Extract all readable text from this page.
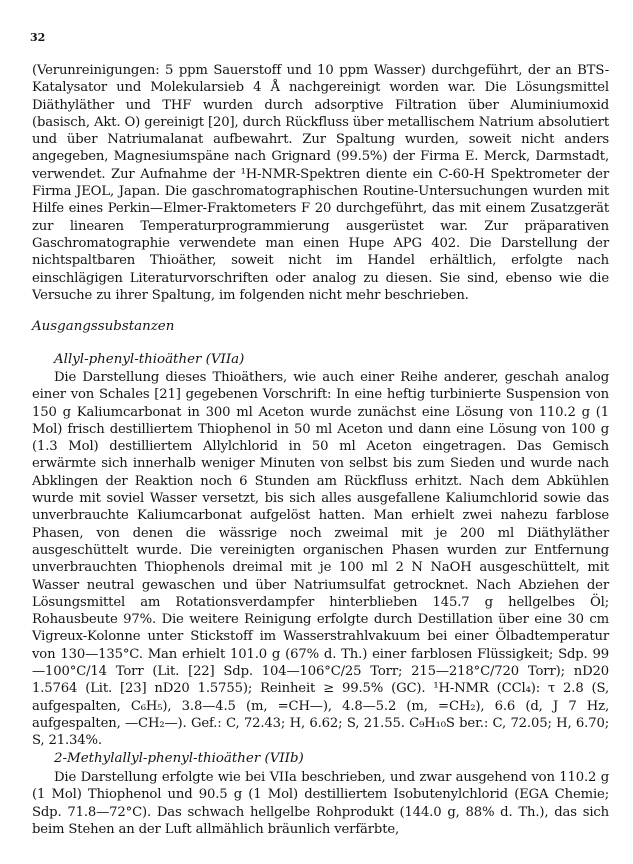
32

(Verunreinigungen: 5 ppm Sauerstoff und 10 ppm Wasser) durchgeführt, der an BTS-Katalysator und Molekularsieb 4 Å nachgereinigt worden war. Die Lösungsmittel Diäthyläther und THF wurden durch adsorptive Filtration über Aluminiumoxid (basisch, Akt. O) gereinigt [20], durch Rückfluss über metallischem Natrium absolutiert und über Natriumalanat aufbewahrt. Zur Spaltung wurden, soweit nicht anders angegeben, Magnesiumspäne nach Grignard (99.5%) der Firma E. Merck, Darmstadt, verwendet. Zur Aufnahme der ¹H-NMR-Spektren diente ein C-60-H Spektrometer der Firma JEOL, Japan. Die gaschromatographischen Routine-Untersuchungen wurden mit Hilfe eines Perkin—Elmer-Fraktometers F 20 durchgeführt, das mit einem Zusatzgerät zur linearen Temperaturprogrammierung ausgerüstet war. Zur präparativen Gaschromatographie verwendete man einen Hupe APG 402. Die Darstellung der nichtspaltbaren Thioäther, soweit nicht im Handel erhältlich, erfolgte nach einschlägigen Literaturvorschriften oder analog zu diesen. Sie sind, ebenso wie die Versuche zu ihrer Spaltung, im folgenden nicht mehr beschrieben.

Ausgangssubstanzen
Allyl-phenyl-thioäther (VIIa)

Die Darstellung dieses Thioäthers, wie auch einer Reihe anderer, geschah analog einer von Schales [21] gegebenen Vorschrift: In eine heftig turbinierte Suspension von 150 g Kaliumcarbonat in 300 ml Aceton wurde zunächst eine Lösung von 110.2 g (1 Mol) frisch destilliertem Thiophenol in 50 ml Aceton und dann eine Lösung von 100 g (1.3 Mol) destilliertem Allylchlorid in 50 ml Aceton eingetragen. Das Gemisch erwärmte sich innerhalb weniger Minuten von selbst bis zum Sieden und wurde nach Abklingen der Reaktion noch 6 Stunden am Rückfluss erhitzt. Nach dem Abkühlen wurde mit soviel Wasser versetzt, bis sich alles ausgefallene Kaliumchlorid sowie das unverbrauchte Kaliumcarbonat aufgelöst hatten. Man erhielt zwei nahezu farblose Phasen, von denen die wässrige noch zweimal mit je 200 ml Diäthyläther ausgeschüttelt wurde. Die vereinigten organischen Phasen wurden zur Entfernung unverbrauchten Thiophenols dreimal mit je 100 ml 2 N NaOH ausgeschüttelt, mit Wasser neutral gewaschen und über Natriumsulfat getrocknet. Nach Abziehen der Lösungsmittel am Rotationsverdampfer hinterblieben 145.7 g hellgelbes Öl; Rohausbeute 97%. Die weitere Reinigung erfolgte durch Destillation über eine 30 cm Vigreux-Kolonne unter Stickstoff im Wasserstrahlvakuum bei einer Ölbadtemperatur von 130—135°C. Man erhielt 101.0 g (67% d. Th.) einer farblosen Flüssigkeit; Sdp. 99—100°C/14 Torr (Lit. [22] Sdp. 104—106°C/25 Torr; 215—218°C/720 Torr); nD20 1.5764 (Lit. [23] nD20 1.5755); Reinheit ≥ 99.5% (GC). ¹H-NMR (CCl₄): τ 2.8 (S, aufgespalten, C₆H₅), 3.8—4.5 (m, =CH—), 4.8—5.2 (m, =CH₂), 6.6 (d, J 7 Hz, aufgespalten, —CH₂—). Gef.: C, 72.43; H, 6.62; S, 21.55. C₉H₁₀S ber.: C, 72.05; H, 6.70; S, 21.34%.

2-Methylallyl-phenyl-thioäther (VIIb)

Die Darstellung erfolgte wie bei VIIa beschrieben, und zwar ausgehend von 110.2 g (1 Mol) Thiophenol und 90.5 g (1 Mol) destilliertem Isobutenylchlorid (EGA Chemie; Sdp. 71.8—72°C). Das schwach hellgelbe Rohprodukt (144.0 g, 88% d. Th.), das sich beim Stehen an der Luft allmählich bräunlich verfärbte,
